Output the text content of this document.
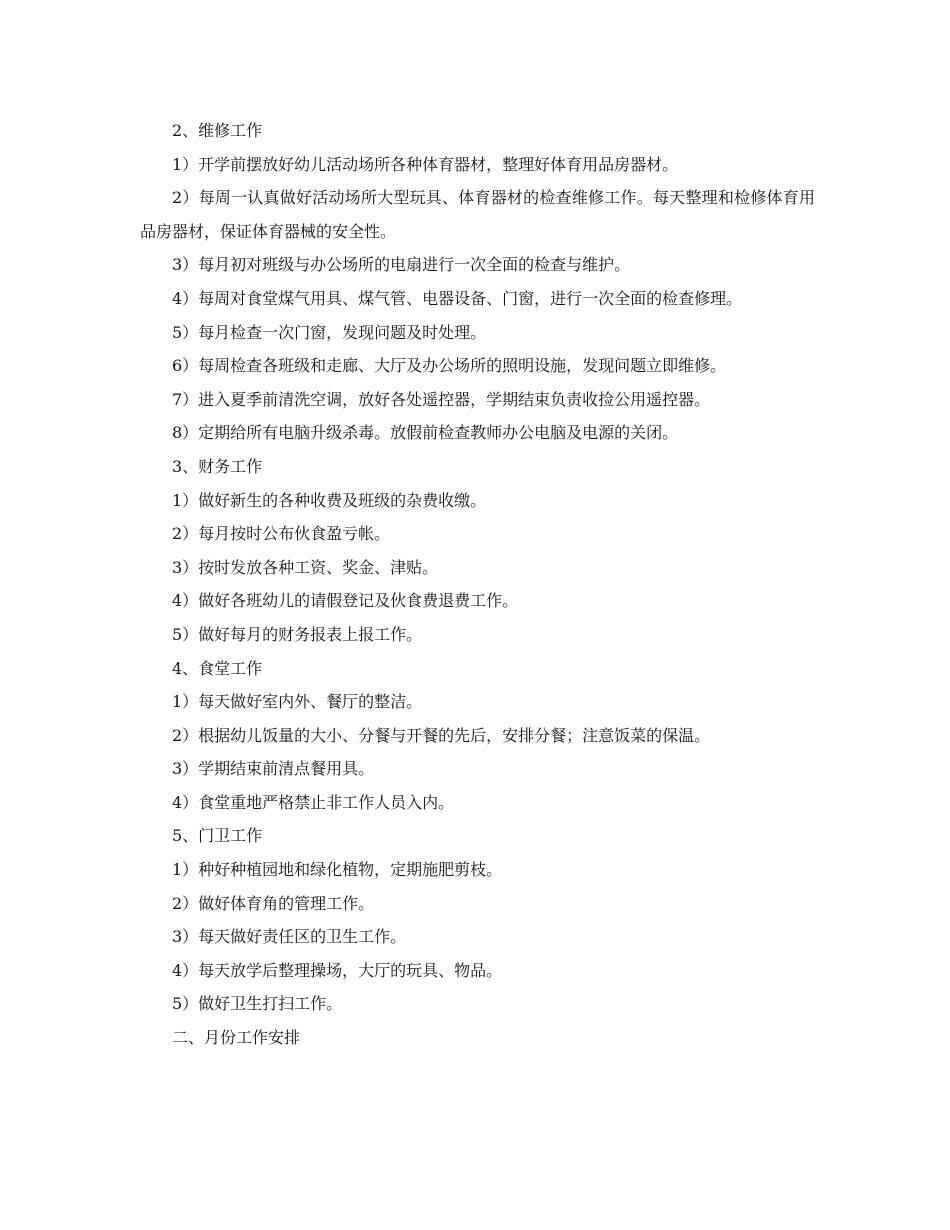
2、维修工作

1）开学前摆放好幼儿活动场所各种体育器材，整理好体育用品房器材。

2）每周一认真做好活动场所大型玩具、体育器材的检查维修工作。每天整理和检修体育用品房器材，保证体育器械的安全性。

3）每月初对班级与办公场所的电扇进行一次全面的检查与维护。

4）每周对食堂煤气用具、煤气管、电器设备、门窗，进行一次全面的检查修理。

5）每月检查一次门窗，发现问题及时处理。

6）每周检查各班级和走廊、大厅及办公场所的照明设施，发现问题立即维修。

7）进入夏季前清洗空调，放好各处遥控器，学期结束负责收捡公用遥控器。

8）定期给所有电脑升级杀毒。放假前检查教师办公电脑及电源的关闭。

3、财务工作

1）做好新生的各种收费及班级的杂费收缴。

2）每月按时公布伙食盈亏帐。

3）按时发放各种工资、奖金、津贴。

4）做好各班幼儿的请假登记及伙食费退费工作。

5）做好每月的财务报表上报工作。

4、食堂工作

1）每天做好室内外、餐厅的整洁。

2）根据幼儿饭量的大小、分餐与开餐的先后，安排分餐；注意饭菜的保温。

3）学期结束前清点餐用具。

4）食堂重地严格禁止非工作人员入内。

5、门卫工作

1）种好种植园地和绿化植物，定期施肥剪枝。

2）做好体育角的管理工作。

3）每天做好责任区的卫生工作。

4）每天放学后整理操场，大厅的玩具、物品。

5）做好卫生打扫工作。

二、月份工作安排
